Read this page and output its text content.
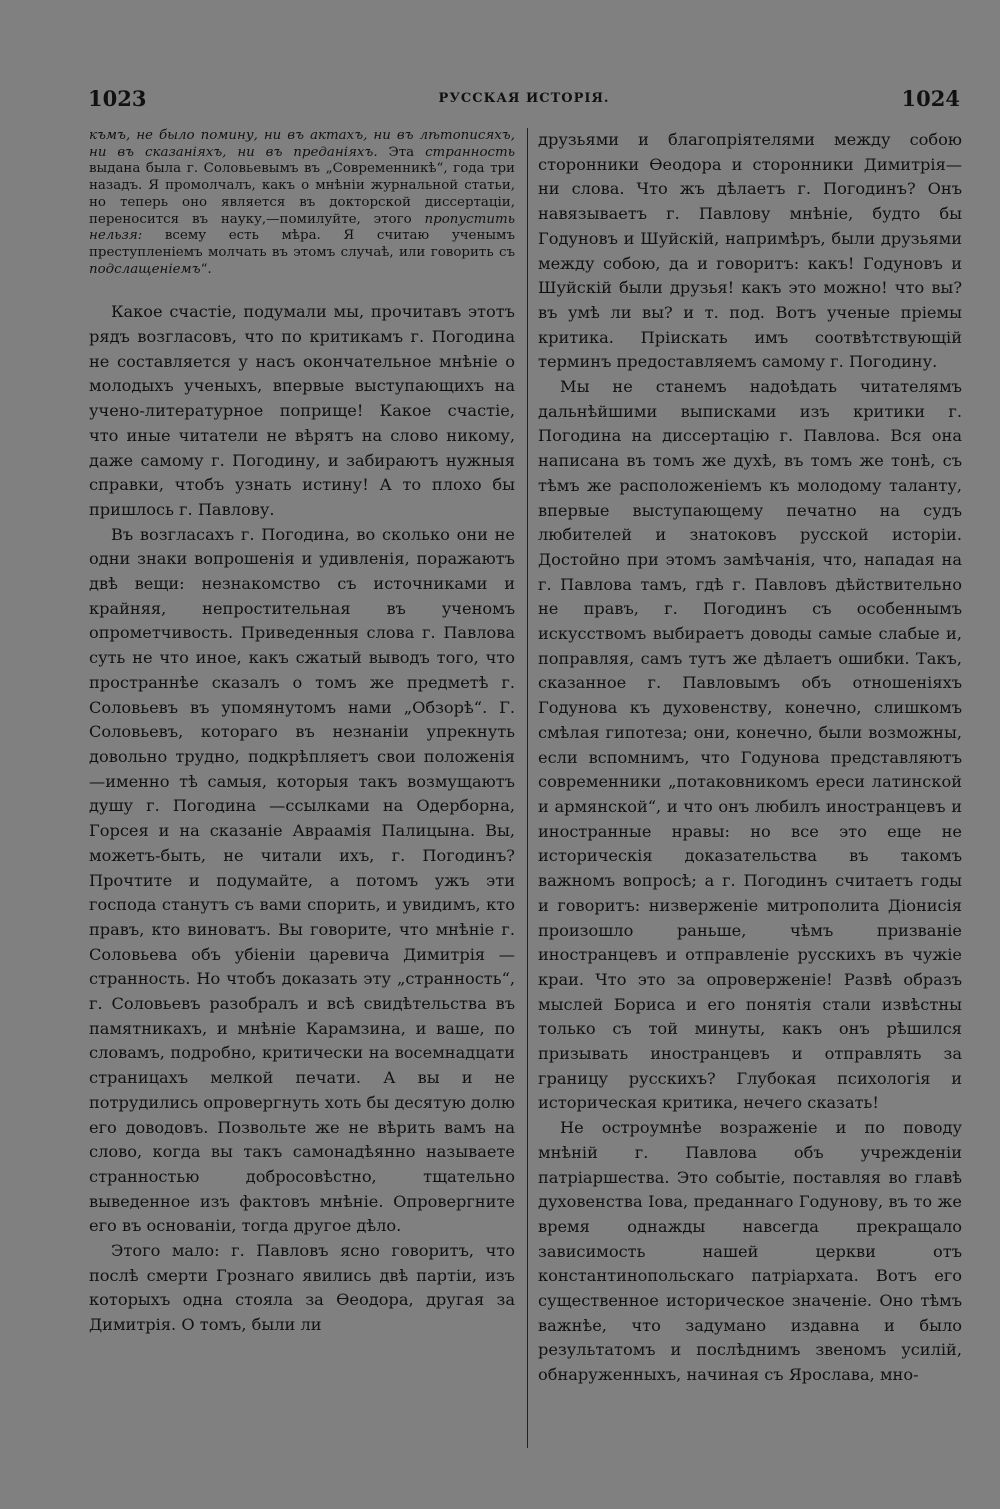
1023	РУССКАЯ ИСТОРІЯ.	1024

къмъ, не было помину, ни въ актахъ, ни въ лѣтописяхъ, ни въ сказаніяхъ, ни въ преданіяхъ. Эта странность выдана была г. Соловьевымъ въ „Современникѣ“, года три назадъ. Я промолчалъ, какъ о мнѣніи журнальной статьи, но теперь оно является въ докторской диссертаціи, переносится въ науку,—помилуйте, этого пропустить нельзя: всему есть мѣра. Я считаю ученымъ преступленіемъ молчать въ этомъ случаѣ, или говорить съ подслащеніемъ“.

Какое счастіе, подумали мы, прочитавъ этотъ рядъ возгласовъ, что по критикамъ г. Погодина не составляется у насъ окончательное мнѣніе о молодыхъ ученыхъ, впервые выступающихъ на учено-литературное поприще! Какое счастіе, что иные читатели не вѣрятъ на слово никому, даже самому г. Погодину, и забираютъ нужныя справки, чтобъ узнать истину! А то плохо бы пришлось г. Павлову.

Въ возгласахъ г. Погодина, во сколько они не одни знаки вопрошенія и удивленія, поражаютъ двѣ вещи: незнакомство съ источниками и крайняя, непростительная въ ученомъ опрометчивость. Приведенныя слова г. Павлова суть не что иное, какъ сжатый выводъ того, что пространнѣе сказалъ о томъ же предметѣ г. Соловьевъ въ упомянутомъ нами „Обзорѣ“. Г. Соловьевъ, котораго въ незнаніи упрекнуть довольно трудно, подкрѣпляетъ свои положенія—именно тѣ самыя, которыя такъ возмущаютъ душу г. Погодина —ссылками на Одерборна, Горсея и на сказаніе Авраамія Палицына. Вы, можетъ-быть, не читали ихъ, г. Погодинъ? Прочтите и подумайте, а потомъ ужъ эти господа станутъ съ вами спорить, и увидимъ, кто правъ, кто виноватъ. Вы говорите, что мнѣніе г. Соловьева объ убіеніи царевича Димитрія —странность. Но чтобъ доказать эту „странность“, г. Соловьевъ разобралъ и всѣ свидѣтельства въ памятникахъ, и мнѣніе Карамзина, и ваше, по словамъ, подробно, критически на восемнадцати страницахъ мелкой печати. А вы и не потрудились опровергнуть хоть бы десятую долю его доводовъ. Позвольте же не вѣрить вамъ на слово, когда вы такъ самонадѣянно называете странностью добросовѣстно, тщательно выведенное изъ фактовъ мнѣніе. Опровергните его въ основаніи, тогда другое дѣло.

Этого мало: г. Павловъ ясно говоритъ, что послѣ смерти Грознаго явились двѣ партіи, изъ которыхъ одна стояла за Ѳеодора, другая за Димитрія. О томъ, были ли

друзьями и благопріятелями между собою сторонники Ѳеодора и сторонники Димитрія— ни слова. Что жъ дѣлаетъ г. Погодинъ? Онъ навязываетъ г. Павлову мнѣніе, будто бы Годуновъ и Шуйскій, напримѣръ, были друзьями между собою, да и говоритъ: какъ! Годуновъ и Шуйскій были друзья! какъ это можно! что вы? въ умѣ ли вы? и т. под. Вотъ ученые пріемы критика. Пріискать имъ соотвѣтствующій терминъ предоставляемъ самому г. Погодину.

Мы не станемъ надоѣдать читателямъ дальнѣйшими выписками изъ критики г. Погодина на диссертацію г. Павлова. Вся она написана въ томъ же духѣ, въ томъ же тонѣ, съ тѣмъ же расположеніемъ къ молодому таланту, впервые выступающему печатно на судъ любителей и знатоковъ русской исторіи. Достойно при этомъ замѣчанія, что, нападая на г. Павлова тамъ, гдѣ г. Павловъ дѣйствительно не правъ, г. Погодинъ съ особеннымъ искусствомъ выбираетъ доводы самые слабые и, поправляя, самъ тутъ же дѣлаетъ ошибки. Такъ, сказанное г. Павловымъ объ отношеніяхъ Годунова къ духовенству, конечно, слишкомъ смѣлая гипотеза; они, конечно, были возможны, если вспомнимъ, что Годунова представляютъ современники „потаковникомъ ереси латинской и армянской“, и что онъ любилъ иностранцевъ и иностранные нравы: но все это еще не историческія доказательства въ такомъ важномъ вопросѣ; а г. Погодинъ считаетъ годы и говоритъ: низверженіе митрополита Діонисія произошло раньше, чѣмъ призваніе иностранцевъ и отправленіе русскихъ въ чужіе краи. Что это за опроверженіе! Развѣ образъ мыслей Бориса и его понятія стали извѣстны только съ той минуты, какъ онъ рѣшился призывать иностранцевъ и отправлять за границу русскихъ? Глубокая психологія и историческая критика, нечего сказать!

Не остроумнѣе возраженіе и по поводу мнѣній г. Павлова объ учрежденіи патріаршества. Это событіе, поставляя во главѣ духовенства Іова, преданнаго Годунову, въ то же время однажды навсегда прекращало зависимость нашей церкви отъ константинопольскаго патріархата. Вотъ его существенное историческое значеніе. Оно тѣмъ важнѣе, что задумано издавна и было результатомъ и послѣднимъ звеномъ усилій, обнаруженныхъ, начиная съ Ярослава, мно-
